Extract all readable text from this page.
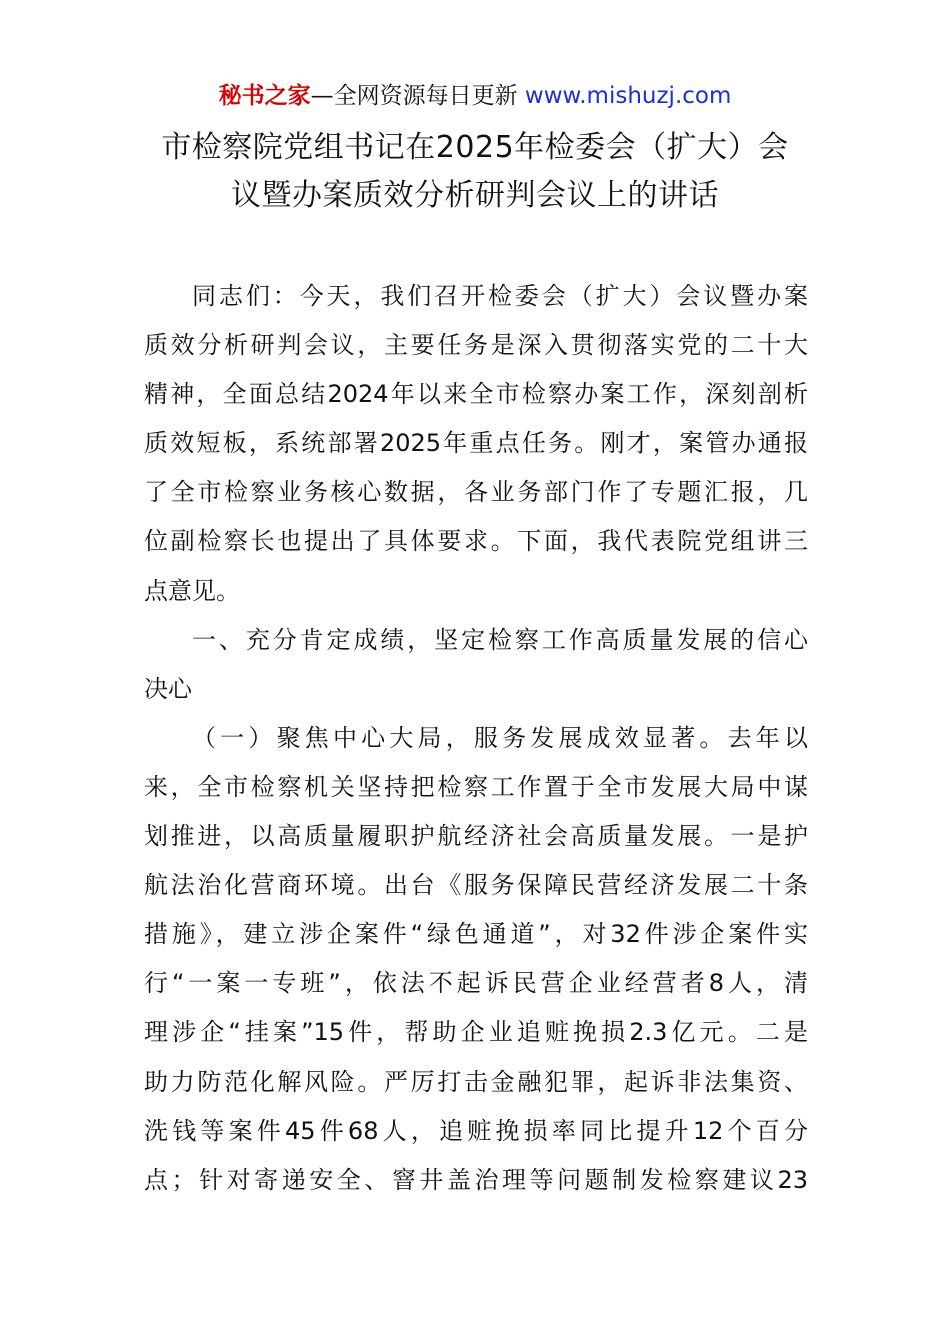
秘书之家—全网资源每日更新 www.mishuzj.com
市检察院党组书记在2025年检委会（扩大）会
议暨办案质效分析研判会议上的讲话
同志们：今天，我们召开检委会（扩大）会议暨办案
质效分析研判会议，主要任务是深入贯彻落实党的二十大
精神，全面总结2024年以来全市检察办案工作，深刻剖析
质效短板，系统部署2025年重点任务。刚才，案管办通报
了全市检察业务核心数据，各业务部门作了专题汇报，几
位副检察长也提出了具体要求。下面，我代表院党组讲三
点意见。
一、充分肯定成绩，坚定检察工作高质量发展的信心
决心
（一）聚焦中心大局，服务发展成效显著。去年以
来，全市检察机关坚持把检察工作置于全市发展大局中谋
划推进，以高质量履职护航经济社会高质量发展。一是护
航法治化营商环境。出台《服务保障民营经济发展二十条
措施》，建立涉企案件“绿色通道”，对32件涉企案件实
行“一案一专班”，依法不起诉民营企业经营者8人，清
理涉企“挂案”15件，帮助企业追赃挽损2.3亿元。二是
助力防范化解风险。严厉打击金融犯罪，起诉非法集资、
洗钱等案件45件68人，追赃挽损率同比提升12个百分
点；针对寄递安全、窨井盖治理等问题制发检察建议23
